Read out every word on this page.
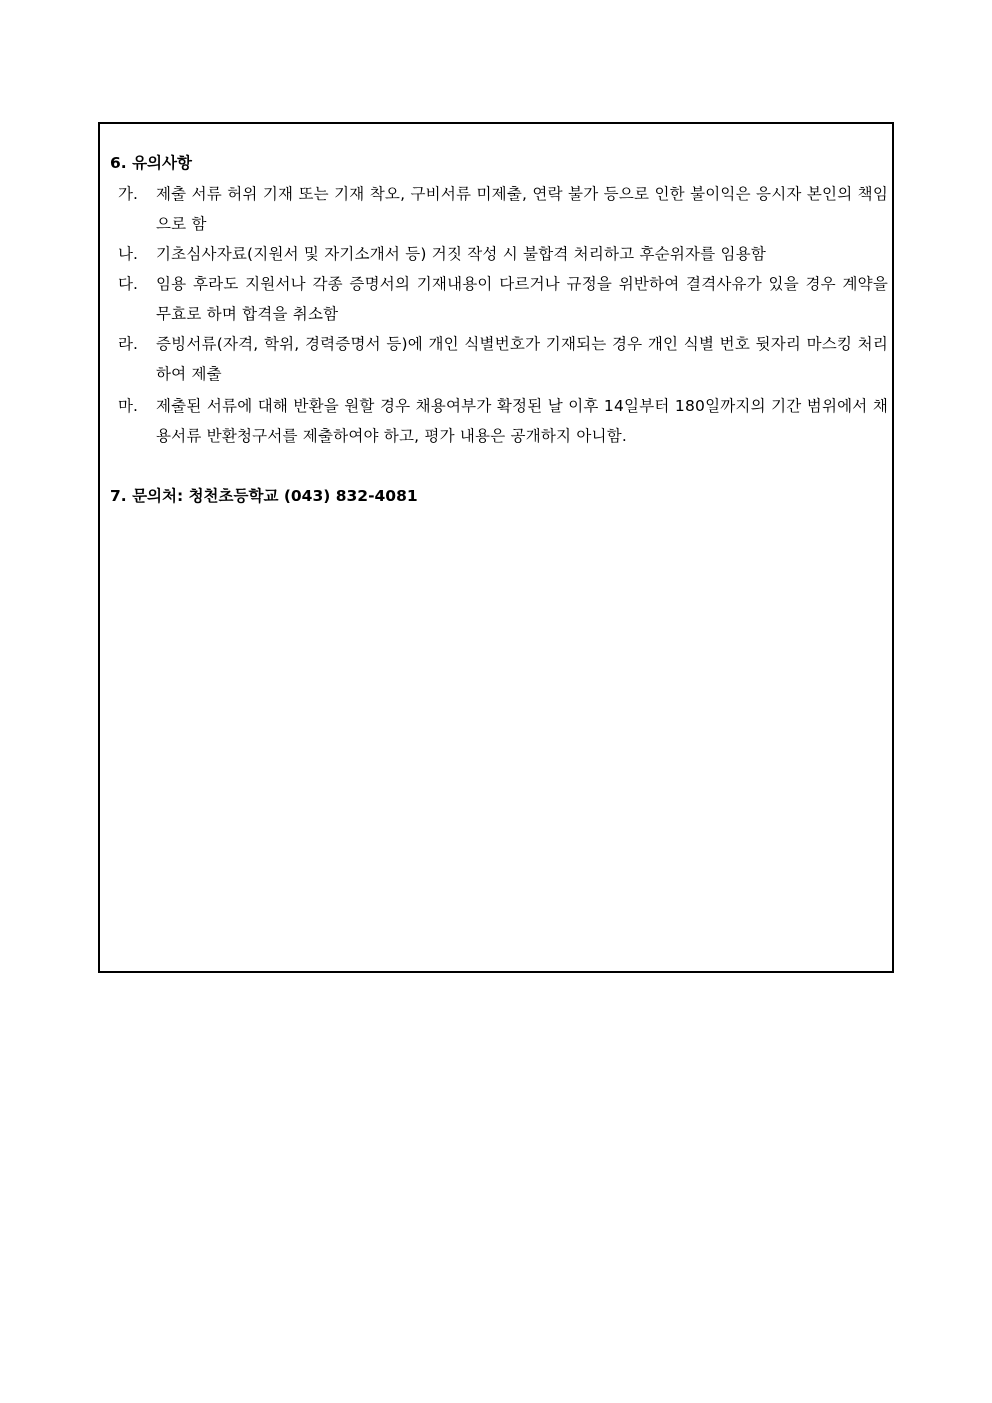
6. 유의사항
가.	제출 서류 허위 기재 또는 기재 착오, 구비서류 미제출, 연락 불가 등으로 인한 불이익은 응시자 본인의 책임으로 함
나.	기초심사자료(지원서 및 자기소개서 등) 거짓 작성 시 불합격 처리하고 후순위자를 임용함
다.	임용 후라도 지원서나 각종 증명서의 기재내용이 다르거나 규정을 위반하여 결격사유가 있을 경우 계약을 무효로 하며 합격을 취소함
라.	증빙서류(자격, 학위, 경력증명서 등)에 개인 식별번호가 기재되는 경우 개인 식별 번호 뒷자리 마스킹 처리하여 제출
마.	제출된 서류에 대해 반환을 원할 경우 채용여부가 확정된 날 이후 14일부터 180일까지의 기간 범위에서 채용서류 반환청구서를 제출하여야 하고, 평가 내용은 공개하지 아니함.
7. 문의처: 청천초등학교 (043) 832-4081
